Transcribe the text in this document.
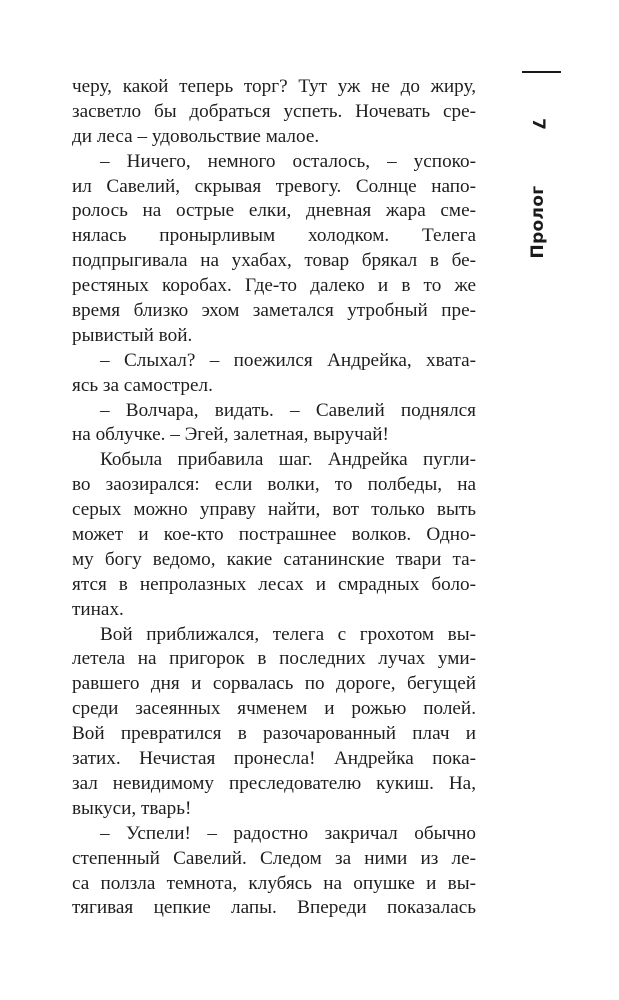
7
Пролог
черу, какой теперь торг? Тут уж не до жиру,
засветло бы добраться успеть. Ночевать сре-
ди леса – удовольствие малое.
– Ничего, немного осталось, – успоко-
ил Савелий, скрывая тревогу. Солнце напо-
ролось на острые елки, дневная жара сме-
нялась пронырливым холодком. Телега
подпрыгивала на ухабах, товар брякал в бе-
рестяных коробах. Где-то далеко и в то же
время близко эхом заметался утробный пре-
рывистый вой.
– Слыхал? – поежился Андрейка, хвата-
ясь за самострел.
– Волчара, видать. – Савелий поднялся
на облучке. – Эгей, залетная, выручай!
Кобыла прибавила шаг. Андрейка пугли-
во заозирался: если волки, то полбеды, на
серых можно управу найти, вот только выть
может и кое-кто пострашнее волков. Одно-
му богу ведомо, какие сатанинские твари та-
ятся в непролазных лесах и смрадных боло-
тинах.
Вой приближался, телега с грохотом вы-
летела на пригорок в последних лучах уми-
равшего дня и сорвалась по дороге, бегущей
среди засеянных ячменем и рожью полей.
Вой превратился в разочарованный плач и
затих. Нечистая пронесла! Андрейка пока-
зал невидимому преследователю кукиш. На,
выкуси, тварь!
– Успели! – радостно закричал обычно
степенный Савелий. Следом за ними из ле-
са ползла темнота, клубясь на опушке и вы-
тягивая цепкие лапы. Впереди показалась
